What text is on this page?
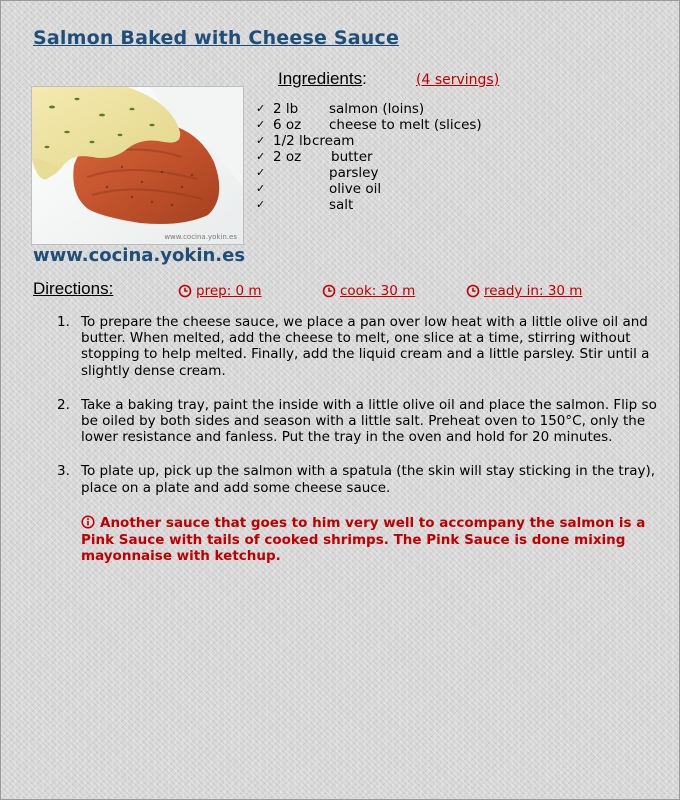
Salmon Baked with Cheese Sauce
www.cocina.yokin.es
www.cocina.yokin.es
Ingredients:	(4 servings)
✓ 2 lb salmon (loins)
✓ 6 oz cheese to melt (slices)
✓ 1/2 lb cream
✓ 2 oz butter
✓	parsley
✓	olive oil
✓	salt
Directions:	prep: 0 m	cook: 30 m	ready in: 30 m
1. To prepare the cheese sauce, we place a pan over low heat with a little olive oil and butter. When melted, add the cheese to melt, one slice at a time, stirring without stopping to help melted. Finally, add the liquid cream and a little parsley. Stir until a slightly dense cream.
2. Take a baking tray, paint the inside with a little olive oil and place the salmon. Flip so be oiled by both sides and season with a little salt. Preheat oven to 150°C, only the lower resistance and fanless. Put the tray in the oven and hold for 20 minutes.
3. To plate up, pick up the salmon with a spatula (the skin will stay sticking in the tray), place on a plate and add some cheese sauce.
Another sauce that goes to him very well to accompany the salmon is a Pink Sauce with tails of cooked shrimps. The Pink Sauce is done mixing mayonnaise with ketchup.
